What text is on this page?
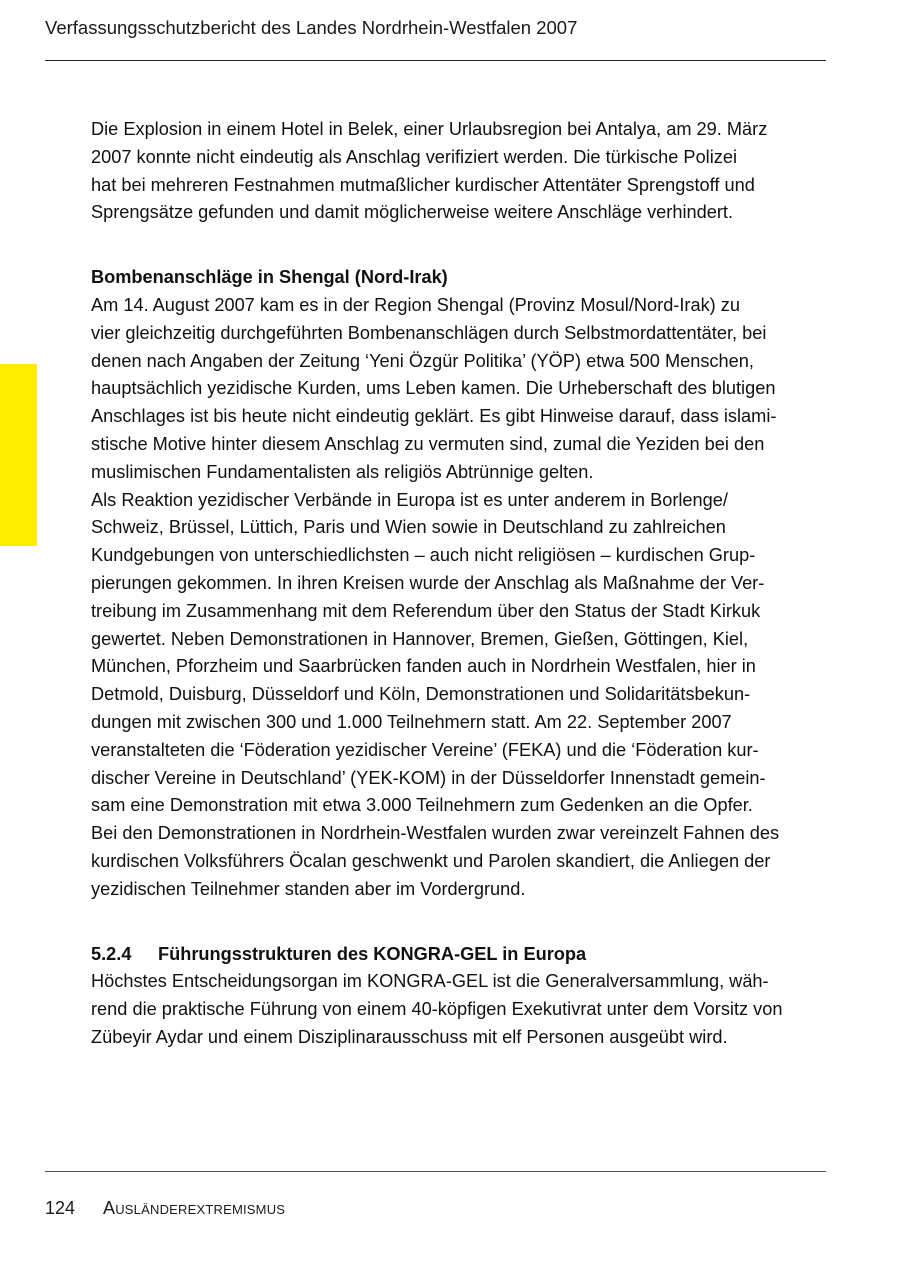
Verfassungsschutzbericht des Landes Nordrhein-Westfalen 2007

Die Explosion in einem Hotel in Belek, einer Urlaubsregion bei Antalya, am 29. März
2007 konnte nicht eindeutig als Anschlag verifiziert werden. Die türkische Polizei
hat bei mehreren Festnahmen mutmaßlicher kurdischer Attentäter Sprengstoff und
Sprengsätze gefunden und damit möglicherweise weitere Anschläge verhindert.

Bombenanschläge in Shengal (Nord-Irak)

Am 14. August 2007 kam es in der Region Shengal (Provinz Mosul/Nord-Irak) zu
vier gleichzeitig durchgeführten Bombenanschlägen durch Selbstmordattentäter, bei
denen nach Angaben der Zeitung ‘Yeni Özgür Politika’ (YÖP) etwa 500 Menschen,
hauptsächlich yezidische Kurden, ums Leben kamen. Die Urheberschaft des blutigen
Anschlages ist bis heute nicht eindeutig geklärt. Es gibt Hinweise darauf, dass islami-
stische Motive hinter diesem Anschlag zu vermuten sind, zumal die Yeziden bei den
muslimischen Fundamentalisten als religiös Abtrünnige gelten.

Als Reaktion yezidischer Verbände in Europa ist es unter anderem in Borlenge/
Schweiz, Brüssel, Lüttich, Paris und Wien sowie in Deutschland zu zahlreichen
Kundgebungen von unterschiedlichsten – auch nicht religiösen – kurdischen Grup-
pierungen gekommen. In ihren Kreisen wurde der Anschlag als Maßnahme der Ver-
treibung im Zusammenhang mit dem Referendum über den Status der Stadt Kirkuk
gewertet. Neben Demonstrationen in Hannover, Bremen, Gießen, Göttingen, Kiel,
München, Pforzheim und Saarbrücken fanden auch in Nordrhein Westfalen, hier in
Detmold, Duisburg, Düsseldorf und Köln, Demonstrationen und Solidaritätsbekun-
dungen mit zwischen 300 und 1.000 Teilnehmern statt. Am 22. September 2007
veranstalteten die ‘Föderation yezidischer Vereine’ (FEKA) und die ‘Föderation kur-
discher Vereine in Deutschland’ (YEK-KOM) in der Düsseldorfer Innenstadt gemein-
sam eine Demonstration mit etwa 3.000 Teilnehmern zum Gedenken an die Opfer.
Bei den Demonstrationen in Nordrhein-Westfalen wurden zwar vereinzelt Fahnen des
kurdischen Volksführers Öcalan geschwenkt und Parolen skandiert, die Anliegen der
yezidischen Teilnehmer standen aber im Vordergrund.

5.2.4	Führungsstrukturen des KONGRA-GEL in Europa

Höchstes Entscheidungsorgan im KONGRA-GEL ist die Generalversammlung, wäh-
rend die praktische Führung von einem 40-köpfigen Exekutivrat unter dem Vorsitz von
Zübeyir Aydar und einem Disziplinarausschuss mit elf Personen ausgeübt wird.

124 Ausländerextremismus
